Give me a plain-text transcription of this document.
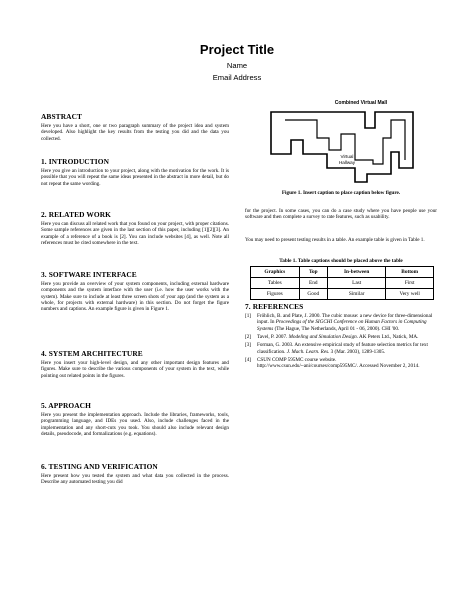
Project Title
Name
Email Address
ABSTRACT

Here you have a short, one or two paragraph summary of the project idea and system developed. Also highlight the key results from the testing you did and the data you collected.

1. INTRODUCTION

Here you give an introduction to your project, along with the motivation for the work. It is possible that you will repeat the same ideas presented in the abstract in more detail, but do not repeat the same wording.

2. RELATED WORK

Here you can discuss all related work that you found on your project, with proper citations. Some sample references are given in the last section of this paper, including [1][2][3]. An example of a reference of a book is [2]. You can include websites [4], as well. Note all references must be cited somewhere in the text.

3. SOFTWARE INTERFACE

Here you provide an overview of your system components, including external hardware components and the system interface with the user (i.e. how the user works with the system). Make sure to include at least three screen shots of your app (and the system as a whole, for projects with external hardware) in this section. Do not forget the figure numbers and captions. An example figure is given in Figure 1.

4. SYSTEM ARCHITECTURE

Here you insert your high-level design, and any other important design features and figures. Make sure to describe the various components of your system in the text, while pointing out related points in the figures.

5. APPROACH

Here you present the implementation approach. Include the libraries, frameworks, tools, programming language, and IDEs you used. Also, include challenges faced in the implementation and any short-cuts you took. You should also include relevant design details, pseudocode, and formalizations (e.g. equations).

6. TESTING AND VERIFICATION

Here present how you tested the system and what data you collected in the process. Describe any automated testing you did

Combined Virtual Mall
Virtual
Hallway
Figure 1. Insert caption to place caption below figure.

for the project. In some cases, you can do a case study where you have people use your software and then complete a survey to rate features, such as usability.

You may need to present testing results in a table. An example table is given in Table 1.

Table 1. Table captions should be placed above the table
Graphics	Top	In-between	Bottom
Tables	End	Last	First
Figures	Good	Similar	Very well
7. REFERENCES
[1]	Fröhlich, B. and Plate, J. 2000. The cubic mouse: a new device for three-dimensional input. In Proceedings of the SIGCHI Conference on Human Factors in Computing Systems (The Hague, The Netherlands, April 01 - 06, 2000). CHI '00.
[2]	Tavel, P. 2007. Modeling and Simulation Design. AK Peters Ltd., Natick, MA.
[3]	Forman, G. 2003. An extensive empirical study of feature selection metrics for text classification. J. Mach. Learn. Res. 3 (Mar. 2003), 1289-1305.
[4]	CSUN COMP 595MC course website. http://www.csun.edu/~ani/courses/comp595MC/. Accessed November 2, 2014.
